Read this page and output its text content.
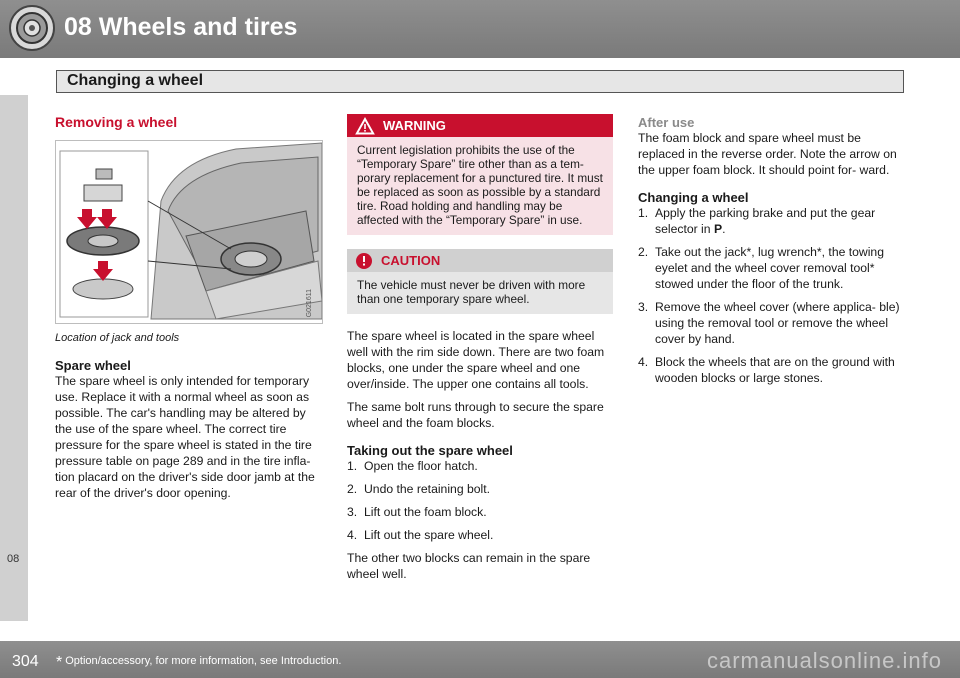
08 Wheels and tires
Changing a wheel
08
Removing a wheel
G021611
Location of jack and tools
Spare wheel

The spare wheel is only intended for temporary use. Replace it with a normal wheel as soon as possible. The car's handling may be altered by the use of the spare wheel. The correct tire pressure for the spare wheel is stated in the tire pressure table on page 289 and in the tire infla- tion placard on the driver's side door jamb at the rear of the driver's door opening.

WARNING
Current legislation prohibits the use of the “Temporary Spare” tire other than as a tem- porary replacement for a punctured tire. It must be replaced as soon as possible by a standard tire. Road holding and handling may be affected with the “Temporary Spare” in use.
CAUTION
The vehicle must never be driven with more than one temporary spare wheel.

The spare wheel is located in the spare wheel well with the rim side down. There are two foam blocks, one under the spare wheel and one over/inside. The upper one contains all tools.

The same bolt runs through to secure the spare wheel and the foam blocks.

Taking out the spare wheel
1. Open the floor hatch.
2. Undo the retaining bolt.
3. Lift out the foam block.
4. Lift out the spare wheel.

The other two blocks can remain in the spare wheel well.

After use

The foam block and spare wheel must be replaced in the reverse order. Note the arrow on the upper foam block. It should point for- ward.

Changing a wheel
1. Apply the parking brake and put the gear selector in P.
2. Take out the jack*, lug wrench*, the towing eyelet and the wheel cover removal tool* stowed under the floor of the trunk.
3. Remove the wheel cover (where applica- ble) using the removal tool or remove the wheel cover by hand.
4. Block the wheels that are on the ground with wooden blocks or large stones.
304 * Option/accessory, for more information, see Introduction.	carmanualsonline.info
